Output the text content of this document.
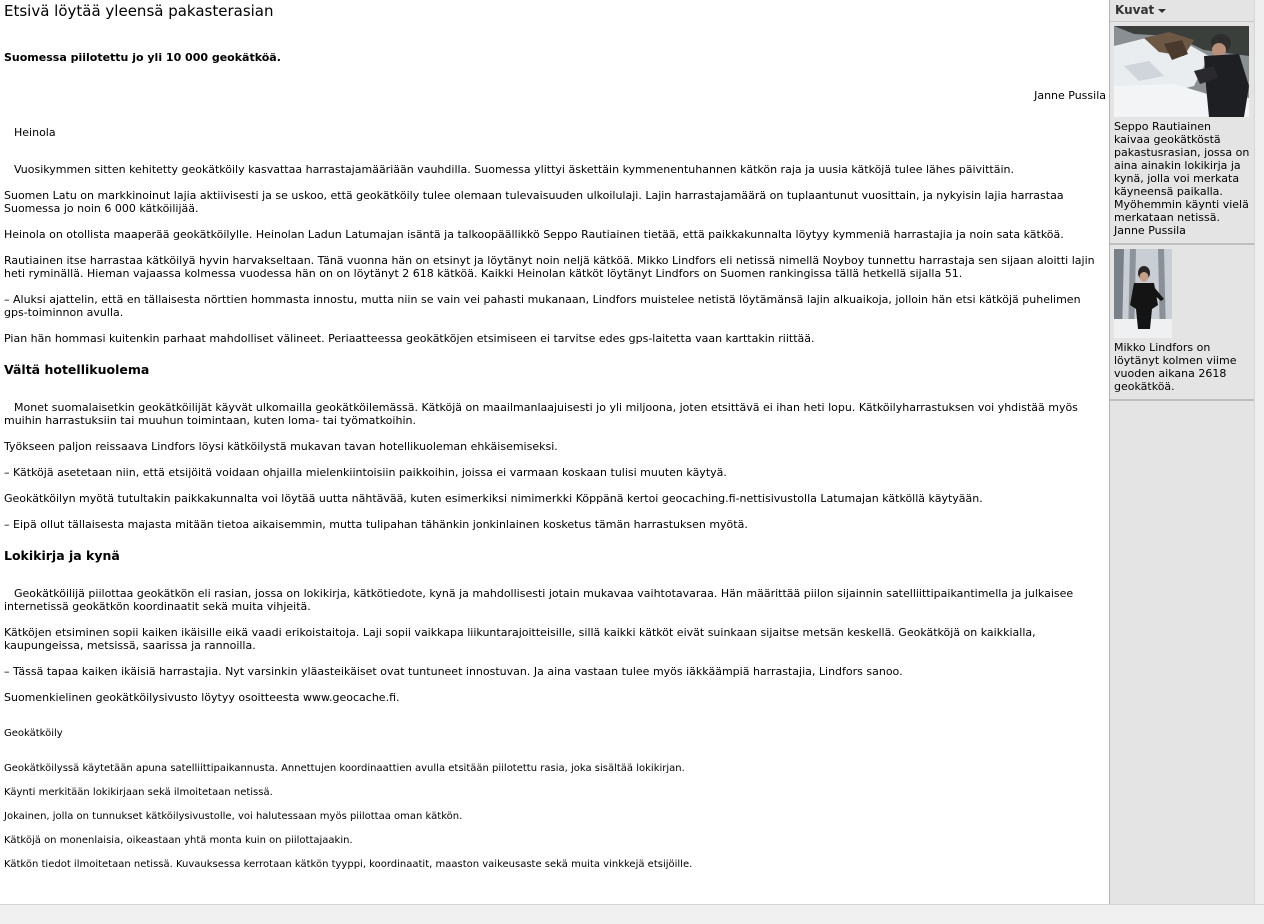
Etsivä löytää yleensä pakasterasian
Suomessa piilotettu jo yli 10 000 geokätköä.
Janne Pussila
Heinola

Vuosikymmen sitten kehitetty geokätköily kasvattaa harrastajamääriään vauhdilla. Suomessa ylittyi äskettäin kymmenentuhannen kätkön raja ja uusia kätköjä tulee lähes päivittäin.

Suomen Latu on markkinoinut lajia aktiivisesti ja se uskoo, että geokätköily tulee olemaan tulevaisuuden ulkoilulaji. Lajin harrastajamäärä on tuplaantunut vuosittain, ja nykyisin lajia harrastaa Suomessa jo noin 6 000 kätköilijää.

Heinola on otollista maaperää geokätköilylle. Heinolan Ladun Latumajan isäntä ja talkoopäällikkö Seppo Rautiainen tietää, että paikkakunnalta löytyy kymmeniä harrastajia ja noin sata kätköä.

Rautiainen itse harrastaa kätköilyä hyvin harvakseltaan. Tänä vuonna hän on etsinyt ja löytänyt noin neljä kätköä. Mikko Lindfors eli netissä nimellä Noyboy tunnettu harrastaja sen sijaan aloitti lajin heti ryminällä. Hieman vajaassa kolmessa vuodessa hän on on löytänyt 2 618 kätköä. Kaikki Heinolan kätköt löytänyt Lindfors on Suomen rankingissa tällä hetkellä sijalla 51.

– Aluksi ajattelin, että en tällaisesta nörttien hommasta innostu, mutta niin se vain vei pahasti mukanaan, Lindfors muistelee netistä löytämänsä lajin alkuaikoja, jolloin hän etsi kätköjä puhelimen gps-toiminnon avulla.

Pian hän hommasi kuitenkin parhaat mahdolliset välineet. Periaatteessa geokätköjen etsimiseen ei tarvitse edes gps-laitetta vaan karttakin riittää.

Vältä hotellikuolema

Monet suomalaisetkin geokätköilijät käyvät ulkomailla geokätköilemässä. Kätköjä on maailmanlaajuisesti jo yli miljoona, joten etsittävä ei ihan heti lopu. Kätköilyharrastuksen voi yhdistää myös muihin harrastuksiin tai muuhun toimintaan, kuten loma- tai työmatkoihin.

Työkseen paljon reissaava Lindfors löysi kätköilystä mukavan tavan hotellikuoleman ehkäisemiseksi.

– Kätköjä asetetaan niin, että etsijöitä voidaan ohjailla mielenkiintoisiin paikkoihin, joissa ei varmaan koskaan tulisi muuten käytyä.

Geokätköilyn myötä tutultakin paikkakunnalta voi löytää uutta nähtävää, kuten esimerkiksi nimimerkki Köppänä kertoi geocaching.fi-nettisivustolla Latumajan kätköllä käytyään.

– Eipä ollut tällaisesta majasta mitään tietoa aikaisemmin, mutta tulipahan tähänkin jonkinlainen kosketus tämän harrastuksen myötä.

Lokikirja ja kynä

Geokätköilijä piilottaa geokätkön eli rasian, jossa on lokikirja, kätkötiedote, kynä ja mahdollisesti jotain mukavaa vaihtotavaraa. Hän määrittää piilon sijainnin satelliittipaikantimella ja julkaisee internetissä geokätkön koordinaatit sekä muita vihjeitä.

Kätköjen etsiminen sopii kaiken ikäisille eikä vaadi erikoistaitoja. Laji sopii vaikkapa liikuntarajoitteisille, sillä kaikki kätköt eivät suinkaan sijaitse metsän keskellä. Geokätköjä on kaikkialla, kaupungeissa, metsissä, saarissa ja rannoilla.

– Tässä tapaa kaiken ikäisiä harrastajia. Nyt varsinkin yläasteikäiset ovat tuntuneet innostuvan. Ja aina vastaan tulee myös iäkkäämpiä harrastajia, Lindfors sanoo.

Suomenkielinen geokätköilysivusto löytyy osoitteesta www.geocache.fi.

Geokätköily

Geokätköilyssä käytetään apuna satelliittipaikannusta. Annettujen koordinaattien avulla etsitään piilotettu rasia, joka sisältää lokikirjan.

Käynti merkitään lokikirjaan sekä ilmoitetaan netissä.

Jokainen, jolla on tunnukset kätköilysivustolle, voi halutessaan myös piilottaa oman kätkön.

Kätköjä on monenlaisia, oikeastaan yhtä monta kuin on piilottajaakin.

Kätkön tiedot ilmoitetaan netissä. Kuvauksessa kerrotaan kätkön tyyppi, koordinaatit, maaston vaikeusaste sekä muita vinkkejä etsijöille.

Kuvat
Seppo Rautiainen kaivaa geokätköstä pakastusrasian, jossa on aina ainakin lokikirja ja kynä, jolla voi merkata käyneensä paikalla. Myöhemmin käynti vielä merkataan netissä. Janne Pussila
Mikko Lindfors on löytänyt kolmen viime vuoden aikana 2618 geokätköä.
